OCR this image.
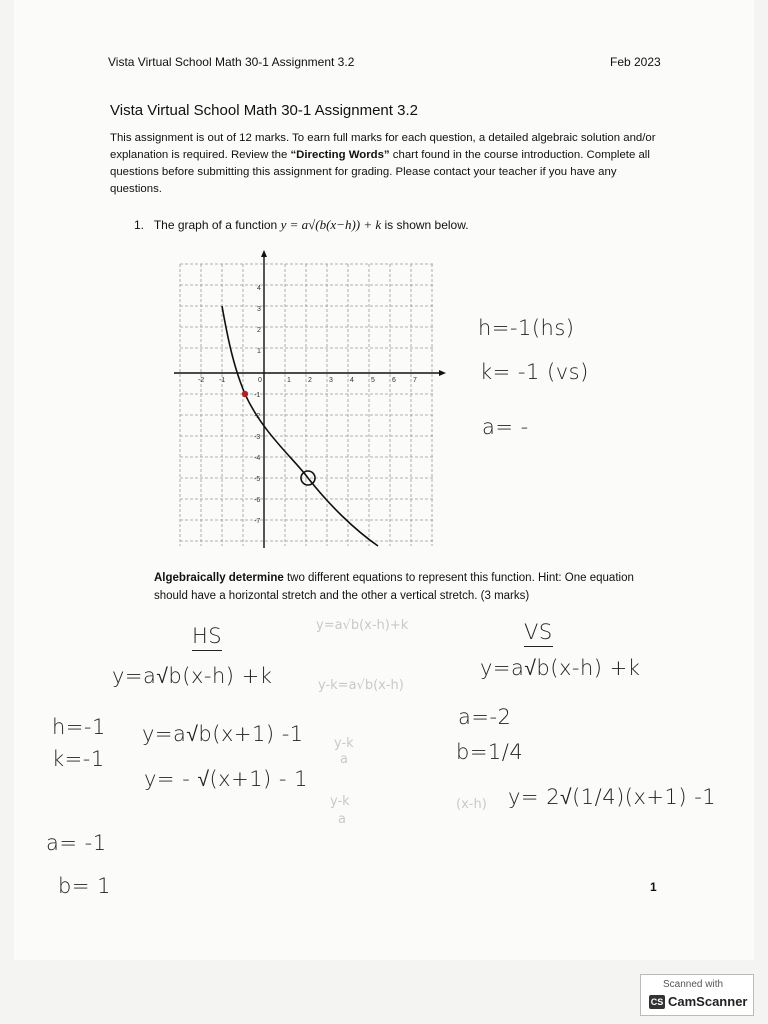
Vista Virtual School Math 30-1 Assignment 3.2	Feb 2023
Vista Virtual School Math 30-1 Assignment 3.2
This assignment is out of 12 marks. To earn full marks for each question, a detailed algebraic solution and/or explanation is required. Review the “Directing Words” chart found in the course introduction. Complete all questions before submitting this assignment for grading. Please contact your teacher if you have any questions.
1. The graph of a function y = a√(b(x−h)) + k is shown below.
-2 -1	0	1 2 3 4 5 6 7
4
3
2
1
-1
-2
-3
-4
-5
-6
-7
h=-1(hs)
k= -1 (vs)
a= -
Algebraically determine two different equations to represent this function. Hint: One equation
should have a horizontal stretch and the other a vertical stretch. (3 marks)
y=a√b(x-h)+k
y-k=a√b(x-h)
y-k
a
y-k
a
(x-h)
HS
y=a√b(x-h) +k
y=a√b(x+1) -1
y= - √(x+1) - 1
VS
y=a√b(x-h) +k
a=-2
b=1/4
y= 2√(1/4)(x+1) -1
h=-1
k=-1
a= -1
b= 1	1
Scanned with
CS CamScanner
